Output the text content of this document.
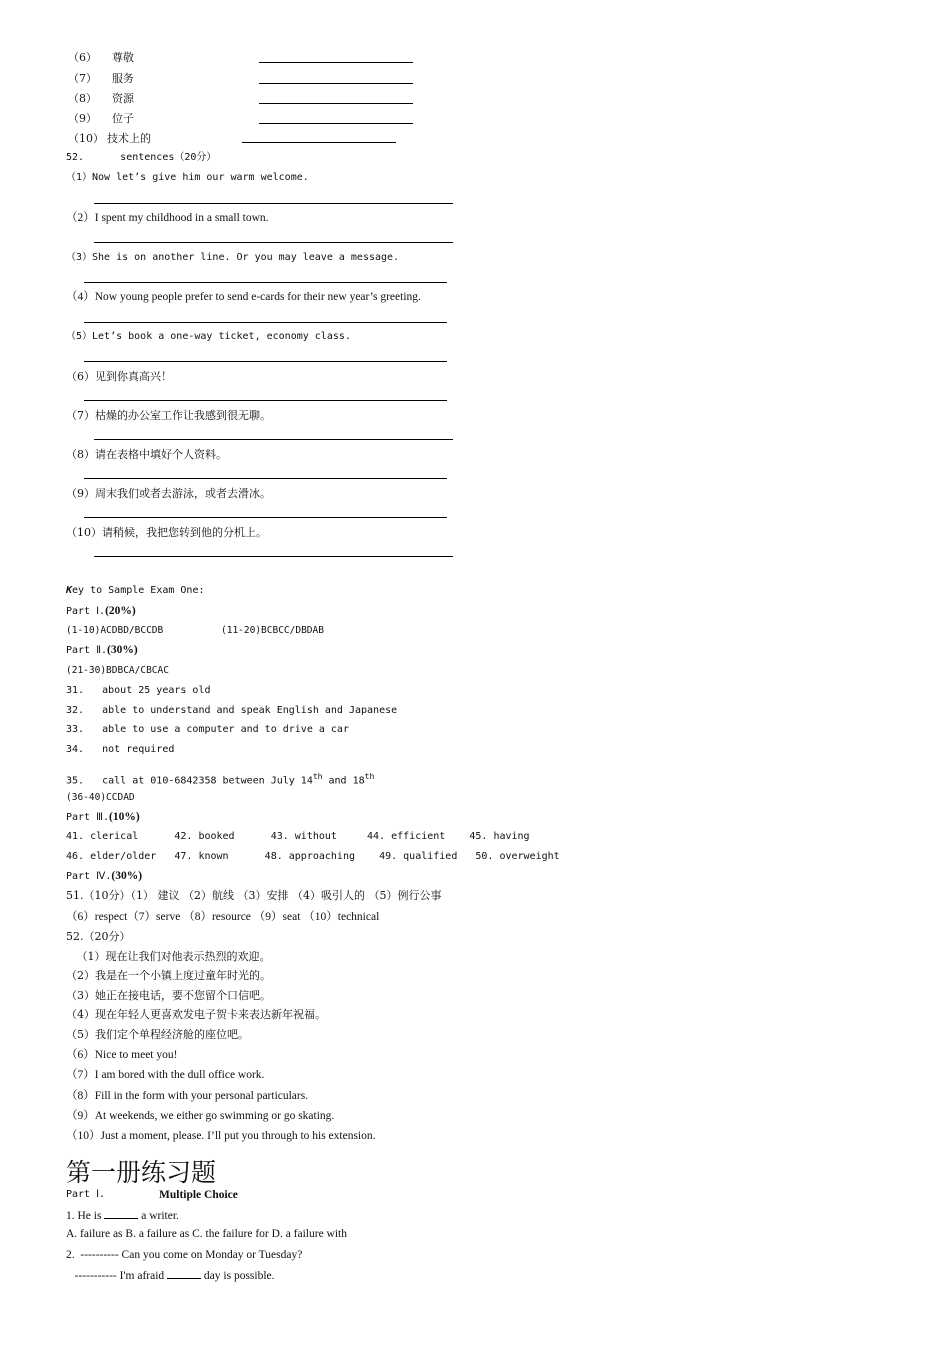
（6）	尊敬
（7）	服务
（8）	资源
（9）	位子
（10） 技术上的
52.      sentences（20分）
（1）Now let’s give him our warm welcome.
（2）I spent my childhood in a small town.
（3）She is on another line. Or you may leave a message.
（4）Now young people prefer to send e-cards for their new year’s greeting.
（5）Let’s book a one-way ticket, economy class.
（6）见到你真高兴！
（7）枯燥的办公室工作让我感到很无聊。
（8）请在表格中填好个人资料。
（9）周末我们或者去游泳，或者去滑冰。
（10）请稍候，我把您转到他的分机上。
Key to Sample Exam One:
Part Ⅰ.(20%)
(1-10)ACDBD/BCCDB	(11-20)BCBCC/DBDAB
Part Ⅱ.(30%)
(21-30)BDBCA/CBCAC
31.   about 25 years old
32.   able to understand and speak English and Japanese
33.   able to use a computer and to drive a car
34.   not required
35.   call at 010-6842358 between July 14th and 18th
(36-40)CCDAD
Part Ⅲ.(10%)
41. clerical      42. booked      43. without     44. efficient    45. having
46. elder/older   47. known      48. approaching    49. qualified   50. overweight
Part Ⅳ.(30%)
51.（10分）（1） 建议 （2）航线 （3）安排 （4）吸引人的 （5）例行公事
（6）respect（7）serve （8）resource （9）seat （10）technical
52.（20分）
（1）现在让我们对他表示热烈的欢迎。
（2）我是在一个小镇上度过童年时光的。
（3）她正在接电话，要不您留个口信吧。
（4）现在年轻人更喜欢发电子贺卡来表达新年祝福。
（5）我们定个单程经济舱的座位吧。
（6）Nice to meet you!
（7）I am bored with the dull office work.
（8）Fill in the form with your personal particulars.
（9）At weekends, we either go swimming or go skating.
（10）Just a moment, please. I’ll put you through to his extension.
第一册练习题
Part Ⅰ.	Multiple Choice
1. He is	a writer.
A. failure as B. a failure as C. the failure for D. a failure with
2.  ---------- Can you come on Monday or Tuesday?
----------- I'm afraid	day is possible.
